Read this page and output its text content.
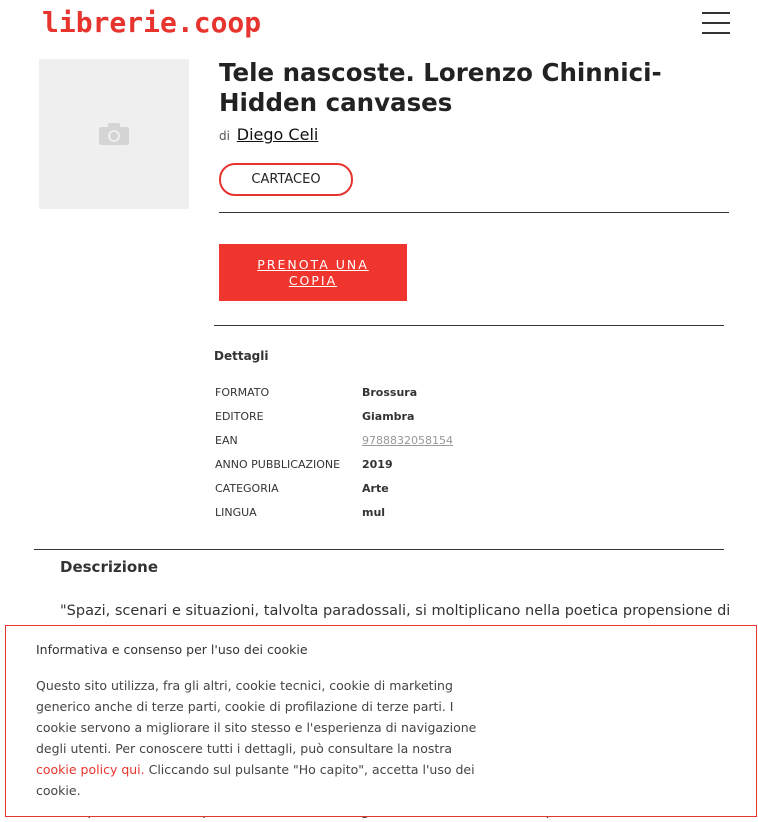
librerie.coop
Tele nascoste. Lorenzo Chinnici-Hidden canvases
di Diego Celi
CARTACEO
PRENOTA UNA COPIA
Dettagli
FORMATO	Brossura
EDITORE	Giambra
EAN	9788832058154
ANNO PUBBLICAZIONE	2019
CATEGORIA	Arte
LINGUA	mul
Descrizione

"Spazi, scenari e situazioni, talvolta paradossali, si moltiplicano nella poetica propensione di

Informativa e consenso per l'uso dei cookie

Questo sito utilizza, fra gli altri, cookie tecnici, cookie di marketing generico anche di terze parti, cookie di profilazione di terze parti. I cookie servono a migliorare il sito stesso e l'esperienza di navigazione degli utenti. Per conoscere tutti i dettagli, può consultare la nostra cookie policy qui. Cliccando sul pulsante "Ho capito", accetta l'uso dei cookie.
